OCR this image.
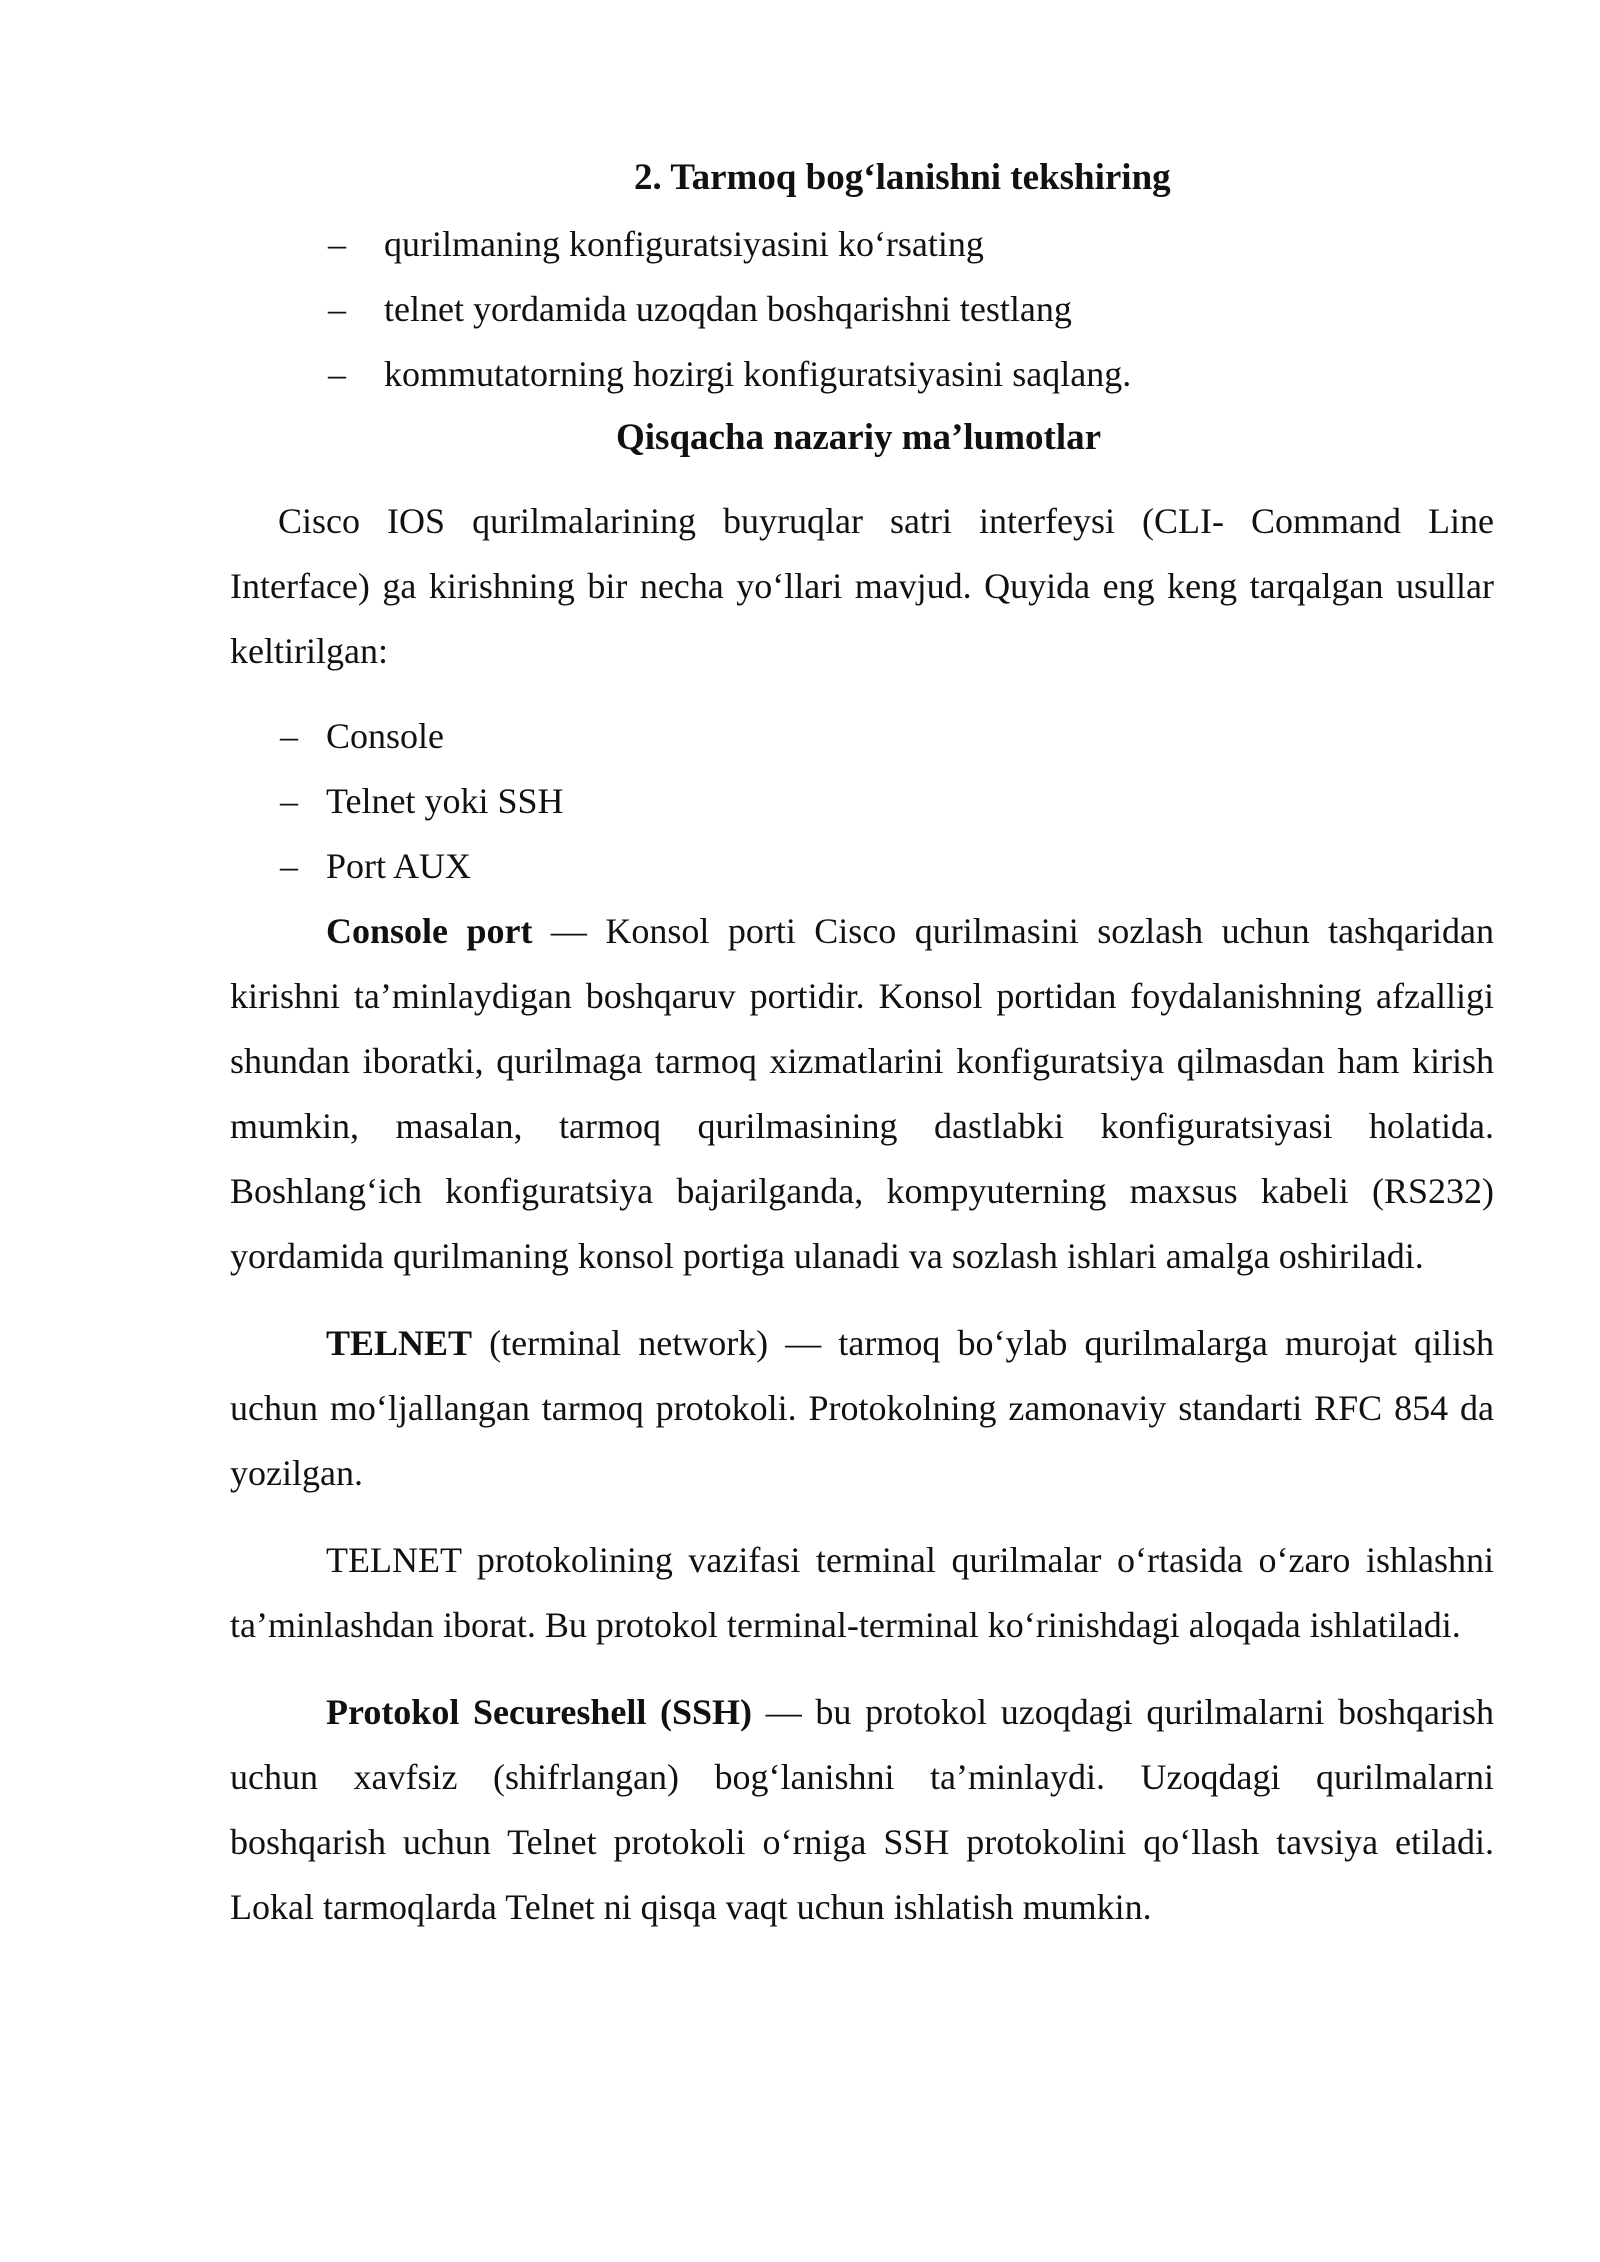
2. Tarmoq bog‘lanishni tekshiring
– qurilmaning konfiguratsiyasini ko‘rsating
– telnet yordamida uzoqdan boshqarishni testlang
– kommutatorning hozirgi konfiguratsiyasini saqlang.
Qisqacha nazariy ma’lumotlar

Cisco IOS qurilmalarining buyruqlar satri interfeysi (CLI- Command Line Interface) ga kirishning bir necha yo‘llari mavjud. Quyida eng keng tarqalgan usullar keltirilgan:

– Console
– Telnet yoki SSH
– Port AUX

Console port — Konsol porti Cisco qurilmasini sozlash uchun tashqaridan kirishni ta’minlaydigan boshqaruv portidir. Konsol portidan foydalanishning afzalligi shundan iboratki, qurilmaga tarmoq xizmatlarini konfiguratsiya qilmasdan ham kirish mumkin, masalan, tarmoq qurilmasining dastlabki konfiguratsiyasi holatida. Boshlang‘ich konfiguratsiya bajarilganda, kompyuterning maxsus kabeli (RS232) yordamida qurilmaning konsol portiga ulanadi va sozlash ishlari amalga oshiriladi.

TELNET (terminal network) — tarmoq bo‘ylab qurilmalarga murojat qilish uchun mo‘ljallangan tarmoq protokoli. Protokolning zamonaviy standarti RFC 854 da yozilgan.

TELNET protokolining vazifasi terminal qurilmalar o‘rtasida o‘zaro ishlashni ta’minlashdan iborat. Bu protokol terminal-terminal ko‘rinishdagi aloqada ishlatiladi.

Protokol Secureshell (SSH) — bu protokol uzoqdagi qurilmalarni boshqarish uchun xavfsiz (shifrlangan) bog‘lanishni ta’minlaydi. Uzoqdagi qurilmalarni boshqarish uchun Telnet protokoli o‘rniga SSH protokolini qo‘llash tavsiya etiladi. Lokal tarmoqlarda Telnet ni qisqa vaqt uchun ishlatish mumkin.
